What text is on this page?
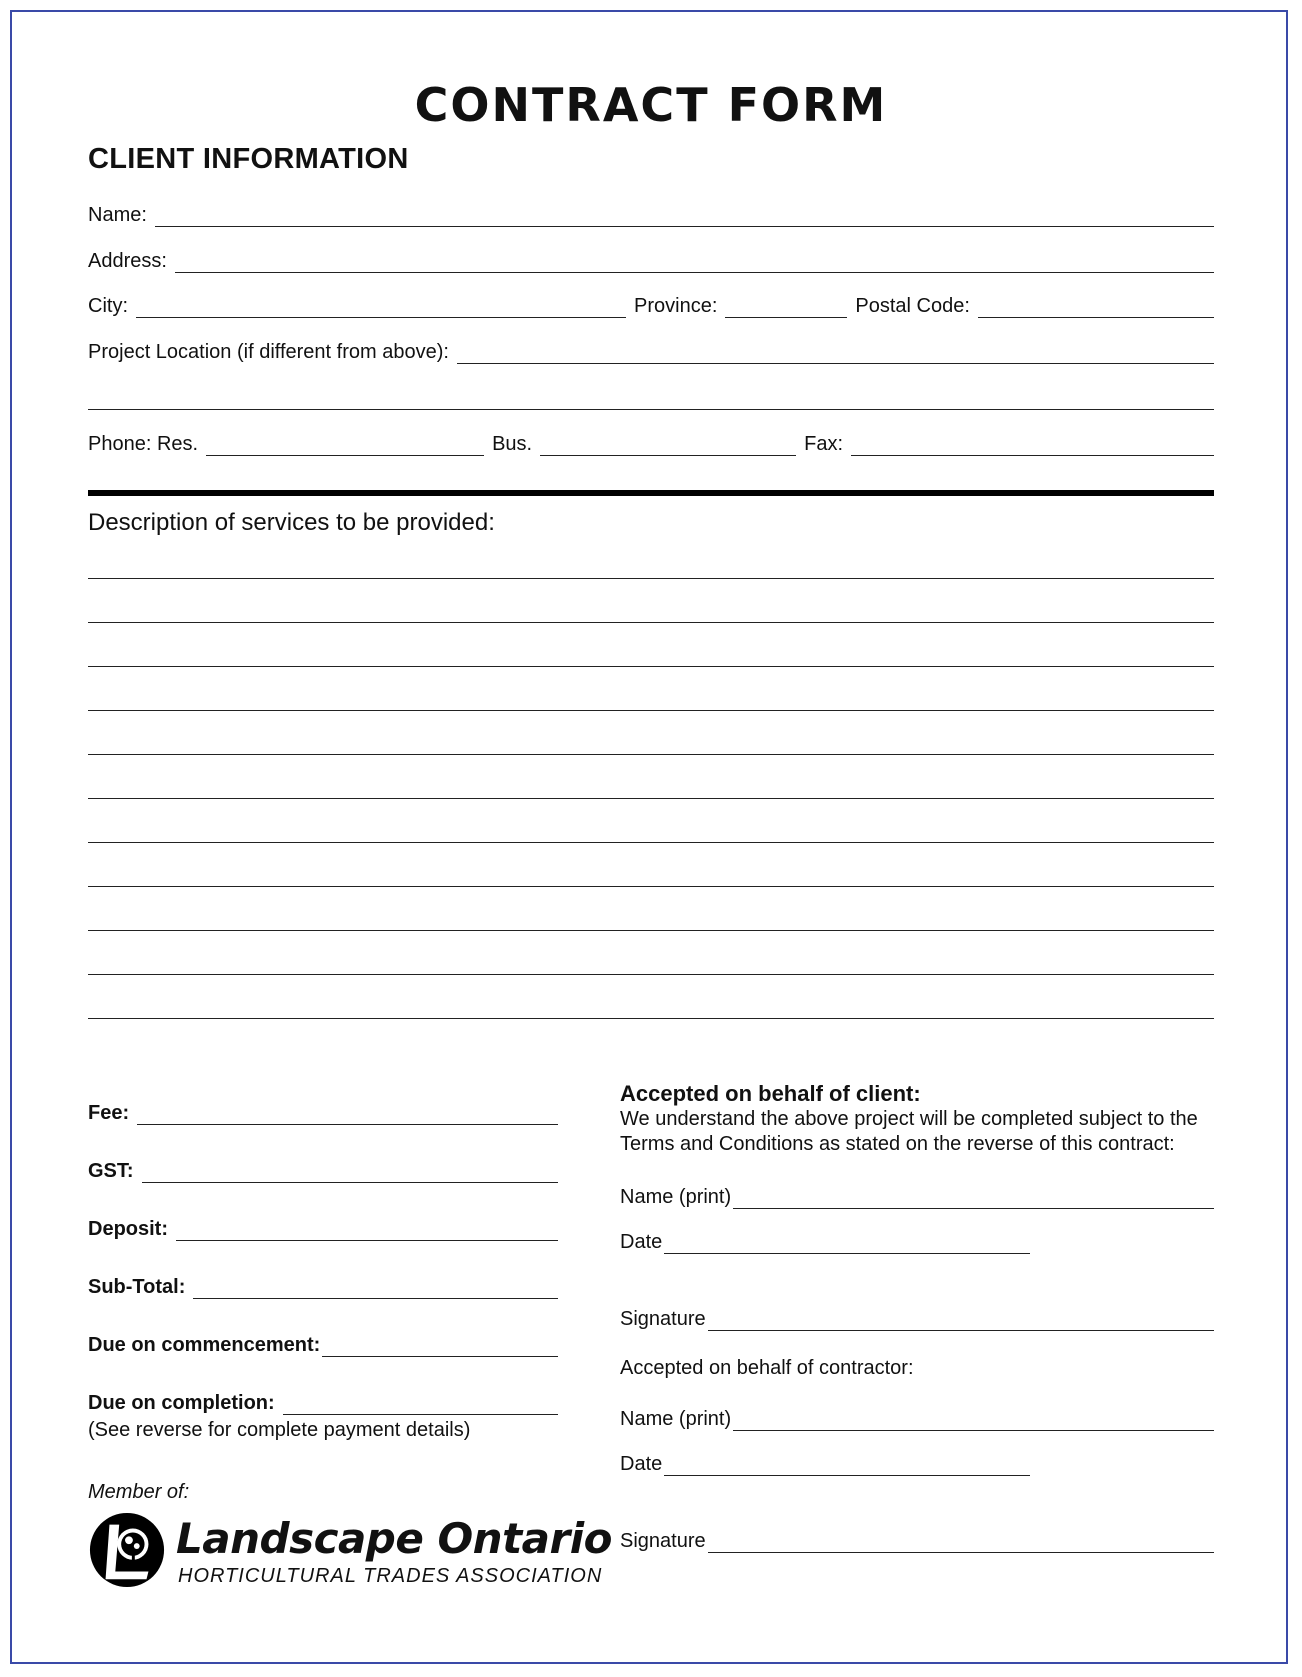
CONTRACT FORM
CLIENT INFORMATION
Name:
Address:
City:	Province:	Postal Code:
Project Location (if different from above):
Phone: Res.	Bus.	Fax:
Description of services to be provided:
Fee:
GST:
Deposit:
Sub-Total:
Due on commencement:
Due on completion:
(See reverse for complete payment details)
Accepted on behalf of client:
We understand the above project will be completed subject to the
Terms and Conditions as stated on the reverse of this contract:
Name (print)
Date
Signature
Accepted on behalf of contractor:
Name (print)
Date
Signature
Member of:
Landscape Ontario
HORTICULTURAL TRADES ASSOCIATION
